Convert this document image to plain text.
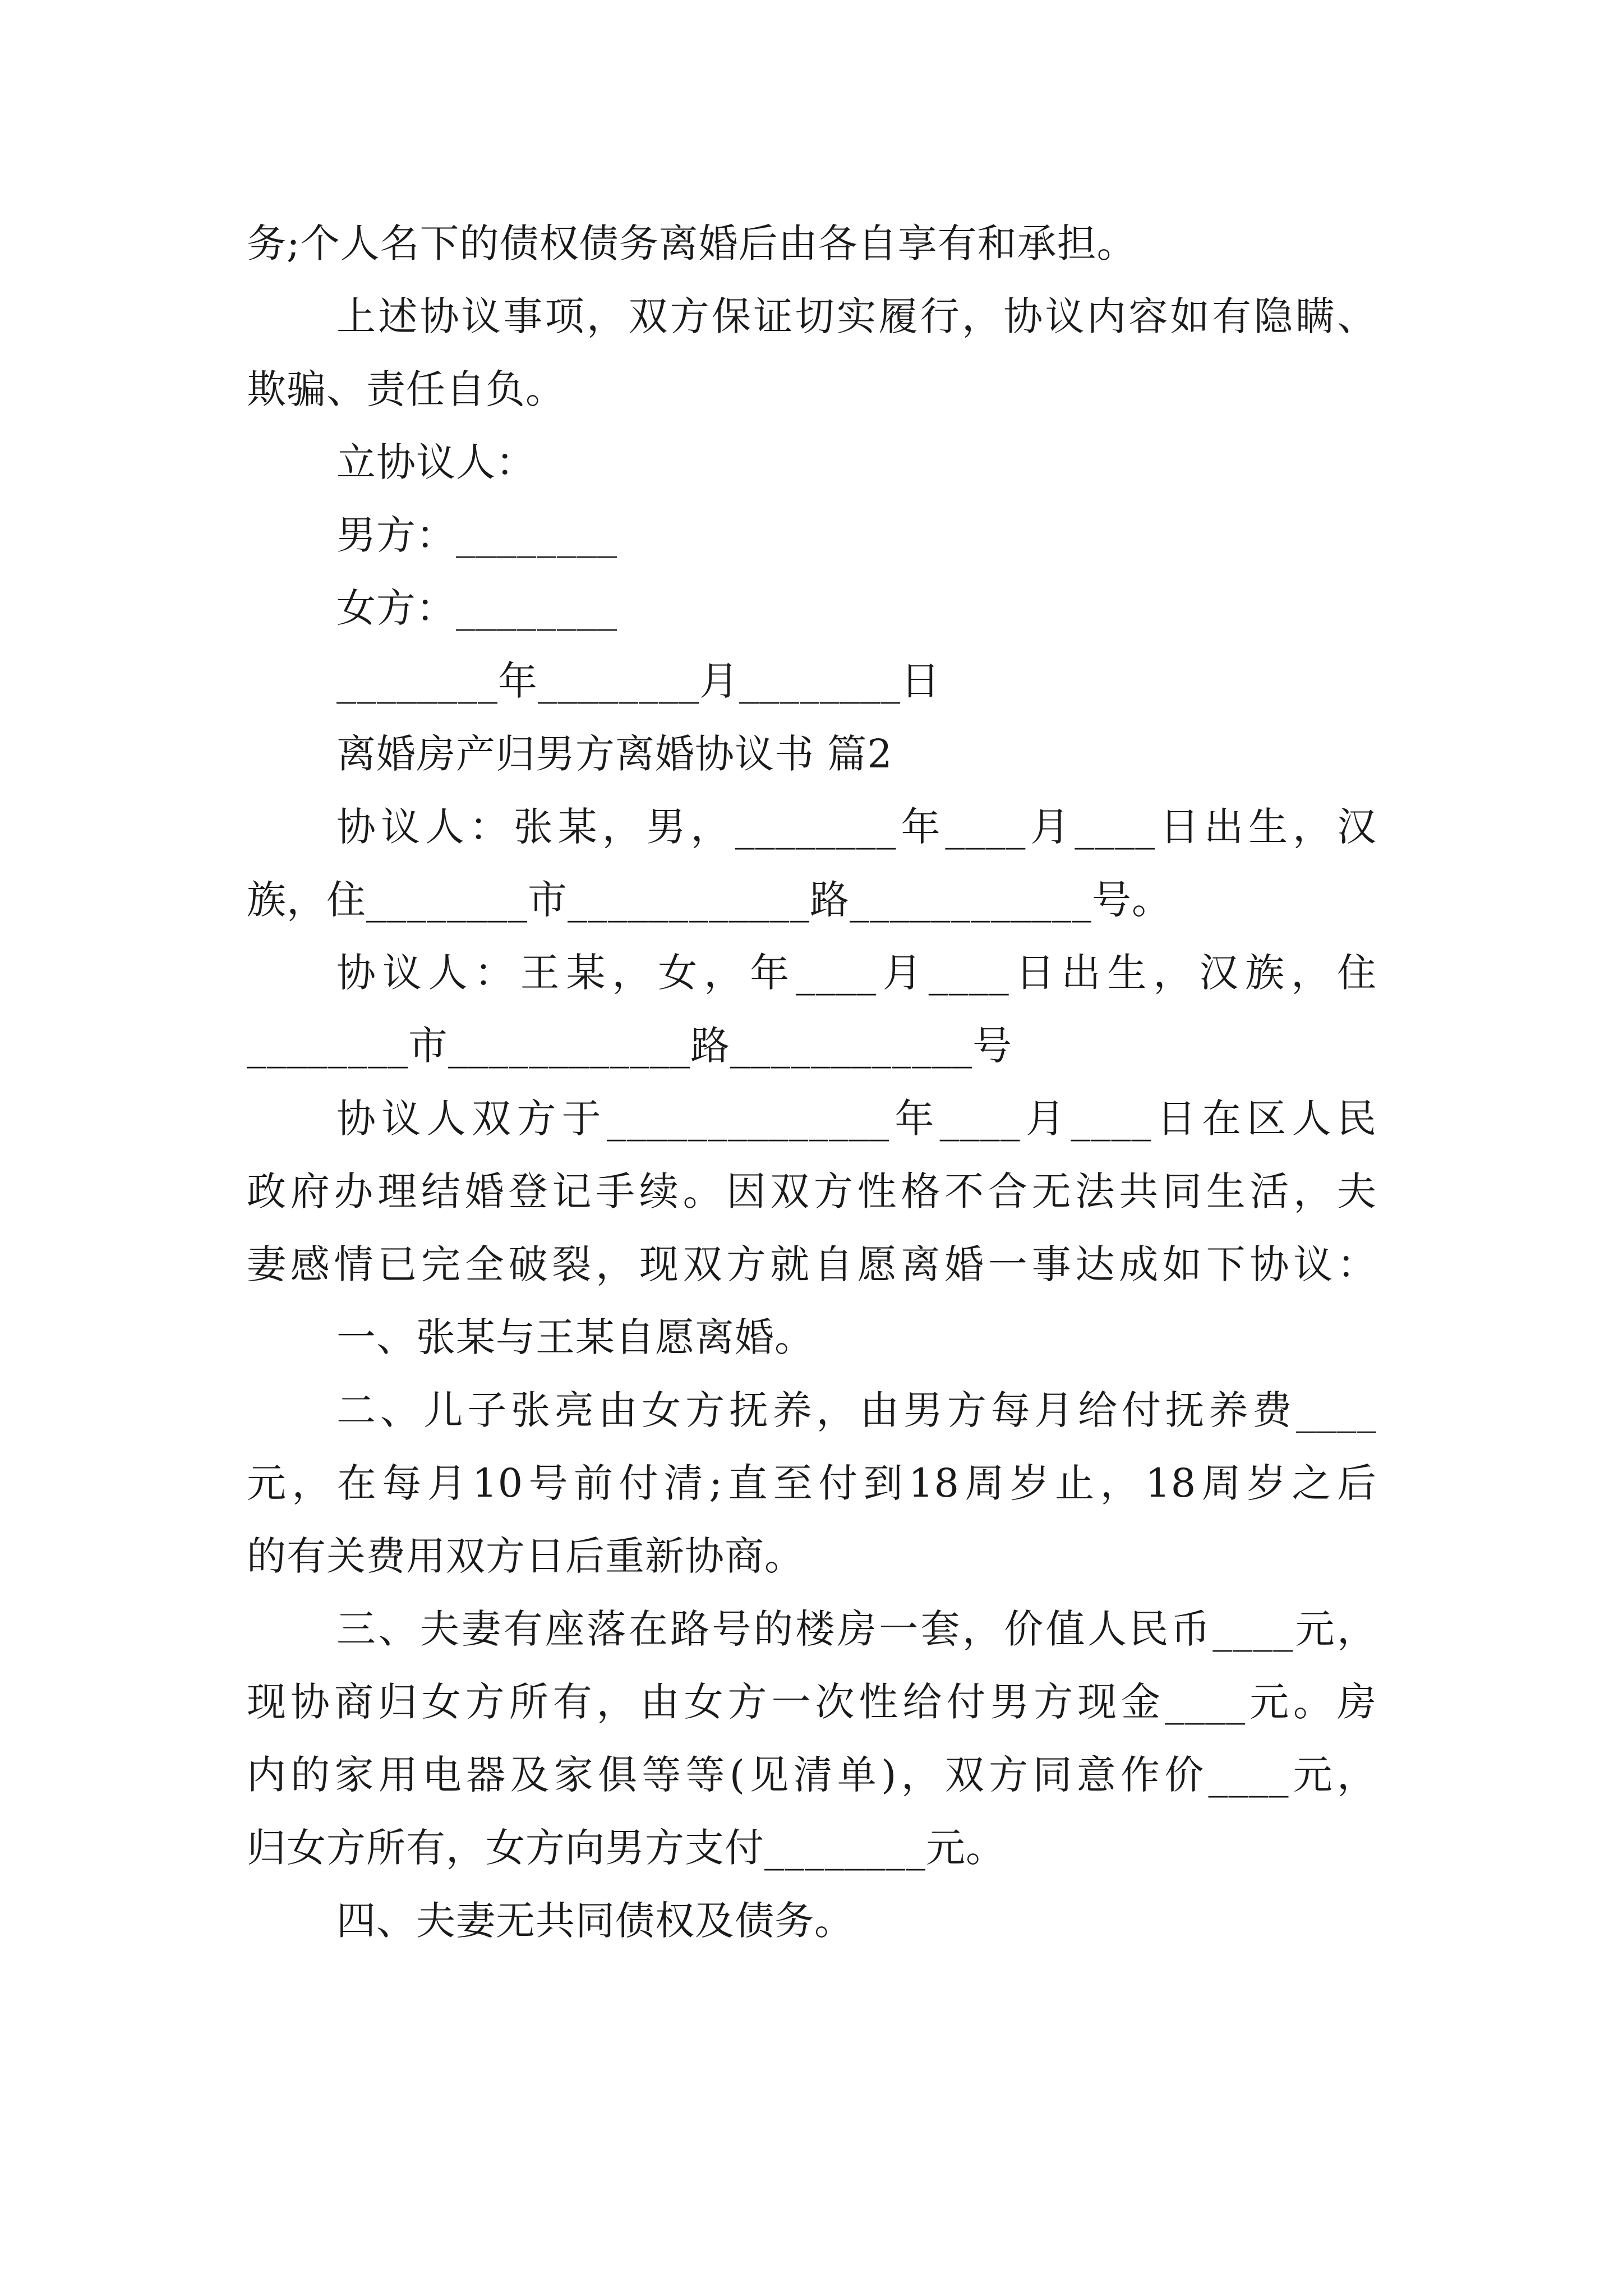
务;个人名下的债权债务离婚后由各自享有和承担。
上述协议事项，双方保证切实履行，协议内容如有隐瞒、
欺骗、责任自负。
立协议人：
男方：________
女方：________
________年________月________日
离婚房产归男方离婚协议书 篇2
协议人：张某，男，________年____月____日出生，汉
族，住________市____________路____________号。
协议人：王某，女，年____月____日出生，汉族，住
________市____________路____________号
协议人双方于______________年____月____日在区人民
政府办理结婚登记手续。因双方性格不合无法共同生活，夫
妻感情已完全破裂，现双方就自愿离婚一事达成如下协议：
一、张某与王某自愿离婚。
二、儿子张亮由女方抚养，由男方每月给付抚养费____
元，在每月10号前付清;直至付到18周岁止，18周岁之后
的有关费用双方日后重新协商。
三、夫妻有座落在路号的楼房一套，价值人民币____元，
现协商归女方所有，由女方一次性给付男方现金____元。房
内的家用电器及家俱等等(见清单)，双方同意作价____元，
归女方所有，女方向男方支付________元。
四、夫妻无共同债权及债务。
